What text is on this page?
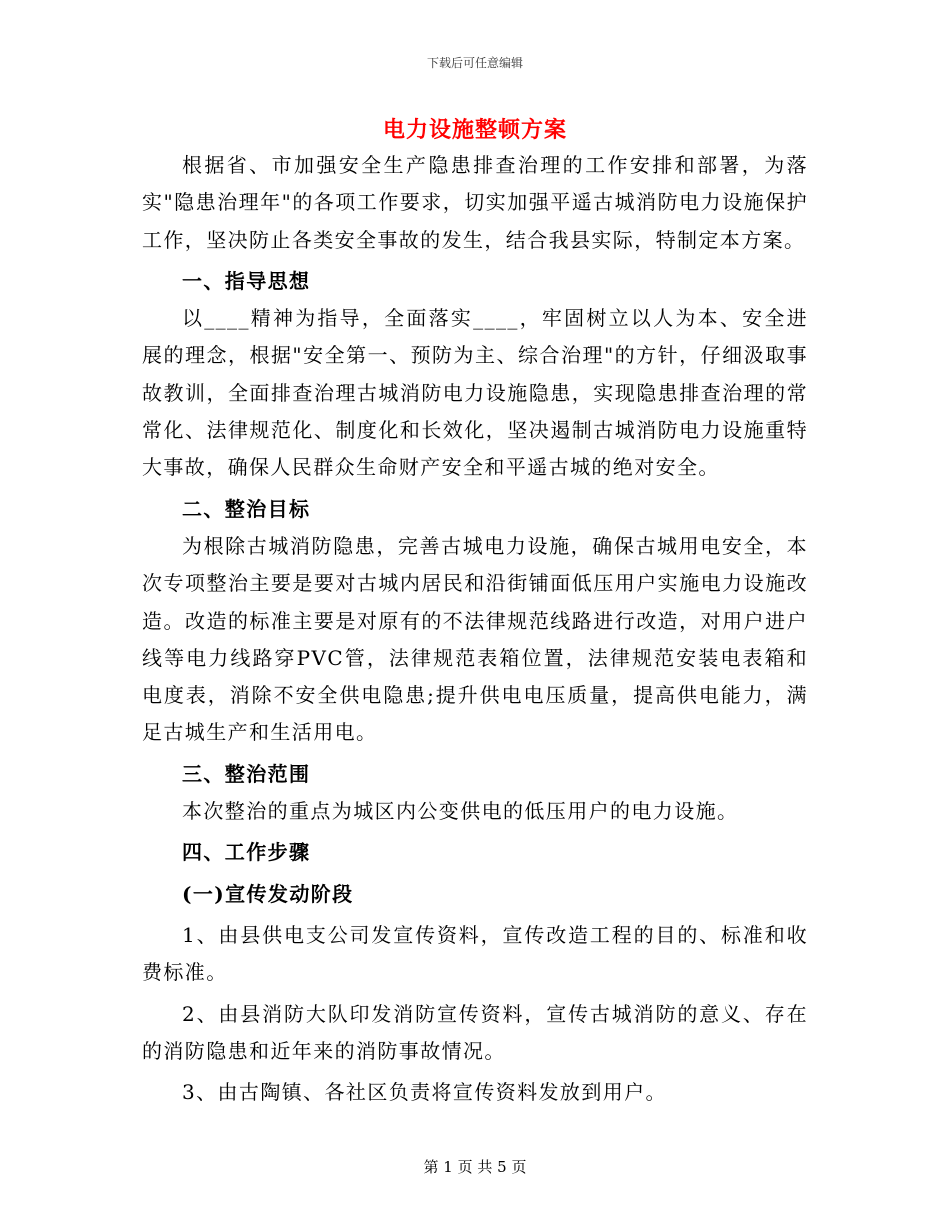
下载后可任意编辑
电力设施整顿方案

根据省、市加强安全生产隐患排查治理的工作安排和部署，为落实"隐患治理年"的各项工作要求，切实加强平遥古城消防电力设施保护工作，坚决防止各类安全事故的发生，结合我县实际，特制定本方案。

一、指导思想

以____精神为指导，全面落实____，牢固树立以人为本、安全进展的理念，根据"安全第一、预防为主、综合治理"的方针，仔细汲取事故教训，全面排查治理古城消防电力设施隐患，实现隐患排查治理的常常化、法律规范化、制度化和长效化，坚决遏制古城消防电力设施重特大事故，确保人民群众生命财产安全和平遥古城的绝对安全。

二、整治目标

为根除古城消防隐患，完善古城电力设施，确保古城用电安全，本次专项整治主要是要对古城内居民和沿街铺面低压用户实施电力设施改造。改造的标准主要是对原有的不法律规范线路进行改造，对用户进户线等电力线路穿PVC管，法律规范表箱位置，法律规范安装电表箱和电度表，消除不安全供电隐患;提升供电电压质量，提高供电能力，满足古城生产和生活用电。

三、整治范围

本次整治的重点为城区内公变供电的低压用户的电力设施。

四、工作步骤

(一)宣传发动阶段

1、由县供电支公司发宣传资料，宣传改造工程的目的、标准和收费标准。

2、由县消防大队印发消防宣传资料，宣传古城消防的意义、存在的消防隐患和近年来的消防事故情况。

3、由古陶镇、各社区负责将宣传资料发放到用户。

第 1 页 共 5 页
